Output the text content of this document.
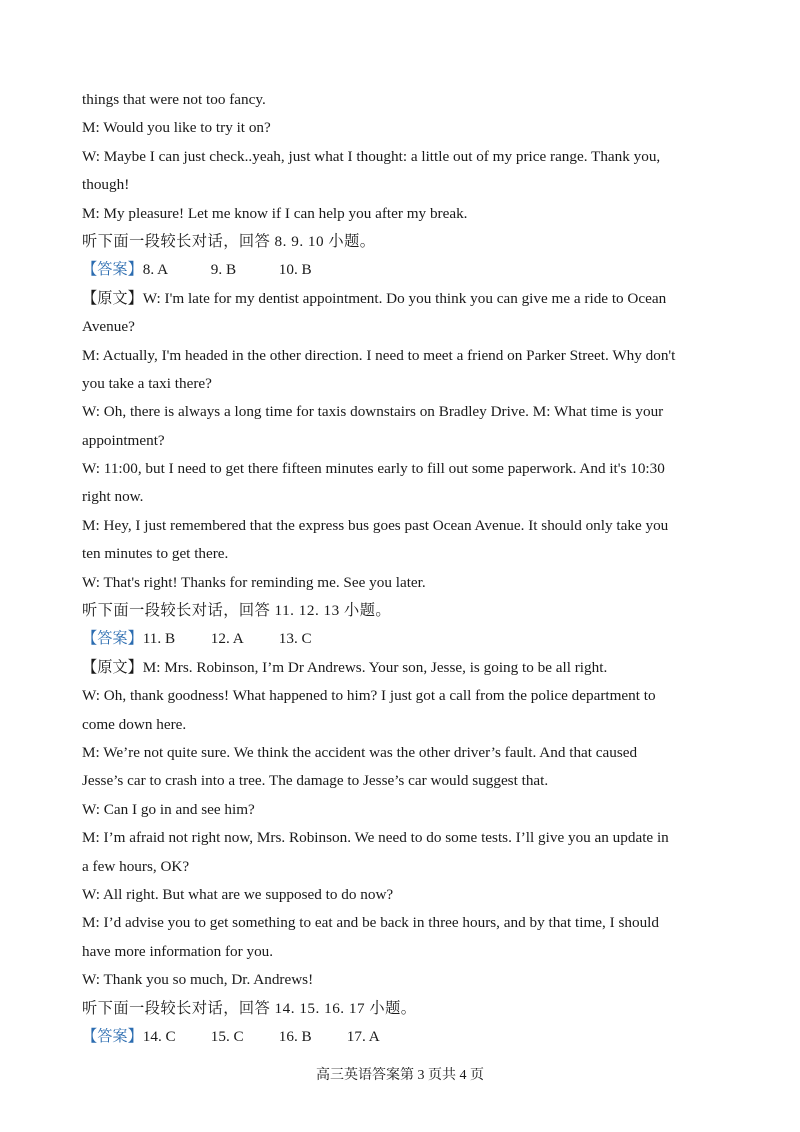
things that were not too fancy.
M: Would you like to try it on?
W: Maybe I can just check..yeah, just what I thought: a little out of my price range. Thank you,
though!
M: My pleasure! Let me know if I can help you after my break.
听下面一段较长对话，回答 8. 9. 10 小题。
【答案】8. A	9. B	10. B
【原文】W: I'm late for my dentist appointment. Do you think you can give me a ride to Ocean
Avenue?
M: Actually, I'm headed in the other direction. I need to meet a friend on Parker Street. Why don't
you take a taxi there?
W: Oh, there is always a long time for taxis downstairs on Bradley Drive. M: What time is your
appointment?
W: 11:00, but I need to get there fifteen minutes early to fill out some paperwork. And it's 10:30
right now.
M: Hey, I just remembered that the express bus goes past Ocean Avenue. It should only take you
ten minutes to get there.
W: That's right! Thanks for reminding me. See you later.
听下面一段较长对话，回答 11. 12. 13 小题。
【答案】11. B 12. A 13. C
【原文】M: Mrs. Robinson, I’m Dr Andrews. Your son, Jesse, is going to be all right.
W: Oh, thank goodness! What happened to him? I just got a call from the police department to
come down here.
M: We’re not quite sure. We think the accident was the other driver’s fault. And that caused
Jesse’s car to crash into a tree. The damage to Jesse’s car would suggest that.
W: Can I go in and see him?
M: I’m afraid not right now, Mrs. Robinson. We need to do some tests. I’ll give you an update in
a few hours, OK?
W: All right. But what are we supposed to do now?
M: I’d advise you to get something to eat and be back in three hours, and by that time, I should
have more information for you.
W: Thank you so much, Dr. Andrews!
听下面一段较长对话，回答 14. 15. 16. 17 小题。
【答案】14. C 15. C 16. B 17. A
高三英语答案第 3 页共 4 页
